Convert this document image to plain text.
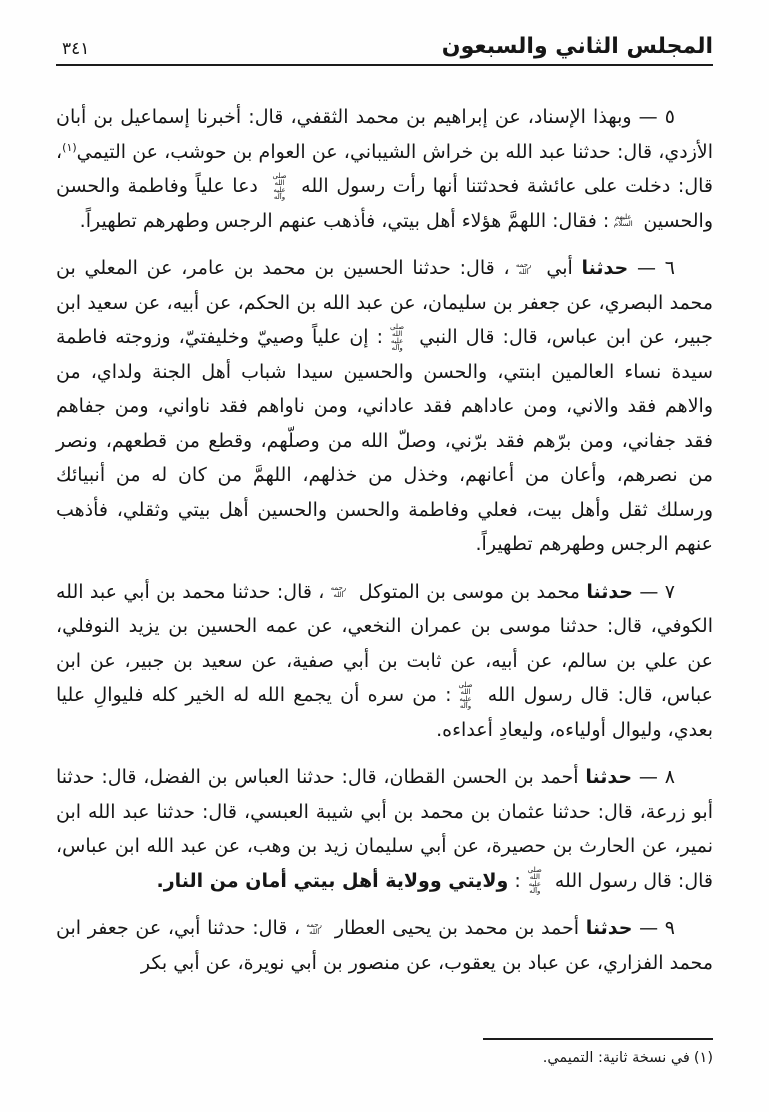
المجلس الثاني والسبعون
٣٤١

٥ — وبهذا الإسناد، عن إبراهيم بن محمد الثقفي، قال: أخبرنا إسماعيل بن أبان الأزدي، قال: حدثنا عبد الله بن خراش الشيباني، عن العوام بن حوشب، عن التيمي$^{(١)}$، قال: دخلت على عائشة فحدثتنا أنها رأت رسول الله صلى الله عليه وآله دعا علياً وفاطمة والحسن والحسين عليهم السلام: فقال: اللهمَّ هؤلاء أهل بيتي، فأذهب عنهم الرجس وطهرهم تطهيراً.

٦ — حدثنا أبي رحمه الله، قال: حدثنا الحسين بن محمد بن عامر، عن المعلي بن محمد البصري، عن جعفر بن سليمان، عن عبد الله بن الحكم، عن أبيه، عن سعيد ابن جبير، عن ابن عباس، قال: قال النبي صلى الله عليه وآله: إن علياً وصييّ وخليفتيّ، وزوجته فاطمة سيدة نساء العالمين ابنتي، والحسن والحسين سيدا شباب أهل الجنة ولداي، من والاهم فقد والاني، ومن عاداهم فقد عاداني، ومن ناواهم فقد ناواني، ومن جفاهم فقد جفاني، ومن برّهم فقد برّني، وصلّ الله من وصلّهم، وقطع من قطعهم، ونصر من نصرهم، وأعان من أعانهم، وخذل من خذلهم، اللهمَّ من كان له من أنبيائك ورسلك ثقل وأهل بيت، فعلي وفاطمة والحسن والحسين أهل بيتي وثقلي، فأذهب عنهم الرجس وطهرهم تطهيراً.

٧ — حدثنا محمد بن موسى بن المتوكل رحمه الله، قال: حدثنا محمد بن أبي عبد الله الكوفي، قال: حدثنا موسى بن عمران النخعي، عن عمه الحسين بن يزيد النوفلي، عن علي بن سالم، عن أبيه، عن ثابت بن أبي صفية، عن سعيد بن جبير، عن ابن عباس، قال: قال رسول الله صلى الله عليه وآله: من سره أن يجمع الله له الخير كله فليوالِ عليا بعدي، وليوال أولياءه، وليعادِ أعداءه.

٨ — حدثنا أحمد بن الحسن القطان، قال: حدثنا العباس بن الفضل، قال: حدثنا أبو زرعة، قال: حدثنا عثمان بن محمد بن أبي شيبة العبسي، قال: حدثنا عبد الله ابن نمير، عن الحارث بن حصيرة، عن أبي سليمان زيد بن وهب، عن عبد الله ابن عباس، قال: قال رسول الله صلى الله عليه وآله: ولايتي وولاية أهل بيتي أمان من النار.

٩ — حدثنا أحمد بن محمد بن يحيى العطار رحمه الله، قال: حدثنا أبي، عن جعفر ابن محمد الفزاري، عن عباد بن يعقوب، عن منصور بن أبي نويرة، عن أبي بكر

(١)في نسخة ثانية: التميمي.
